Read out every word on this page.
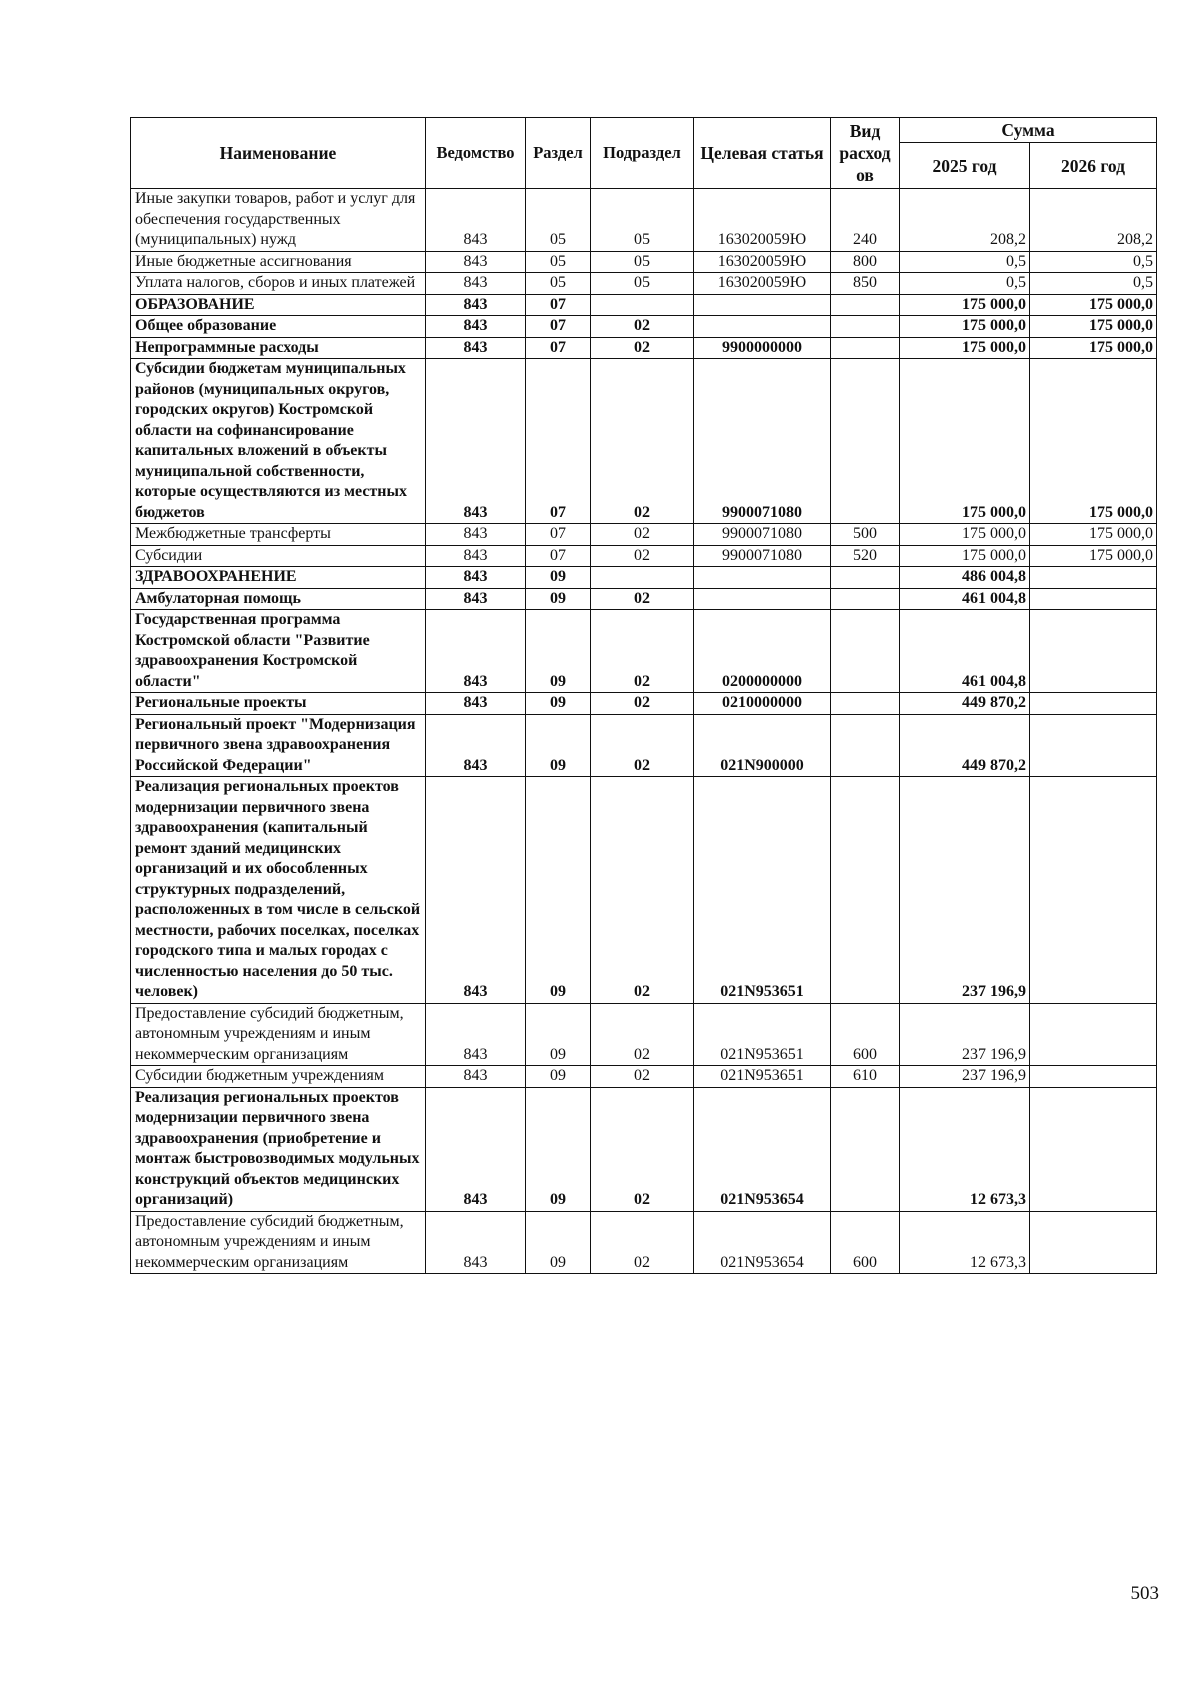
Наименование	Ведомство	Раздел	Подраздел	Целевая статья	Вид расход ов	Сумма	
						2025 год	2026 год
Иные закупки товаров, работ и услуг для обеспечения государственных (муниципальных) нужд	843	05	05	163020059Ю	240	208,2	208,2
Иные бюджетные ассигнования	843	05	05	163020059Ю	800	0,5	0,5
Уплата налогов, сборов и иных платежей	843	05	05	163020059Ю	850	0,5	0,5
ОБРАЗОВАНИЕ	843	07				175 000,0	175 000,0
Общее образование	843	07	02			175 000,0	175 000,0
Непрограммные расходы	843	07	02	9900000000		175 000,0	175 000,0
Субсидии бюджетам муниципальных районов (муниципальных округов, городских округов) Костромской области на софинансирование капитальных вложений в объекты муниципальной собственности, которые осуществляются из местных бюджетов	843	07	02	9900071080		175 000,0	175 000,0
Межбюджетные трансферты	843	07	02	9900071080	500	175 000,0	175 000,0
Субсидии	843	07	02	9900071080	520	175 000,0	175 000,0
ЗДРАВООХРАНЕНИЕ	843	09				486 004,8	
Амбулаторная помощь	843	09	02			461 004,8	
Государственная программа Костромской области "Развитие здравоохранения Костромской области"	843	09	02	0200000000		461 004,8	
Региональные проекты	843	09	02	0210000000		449 870,2	
Региональный проект "Модернизация первичного звена здравоохранения Российской Федерации"	843	09	02	021N900000		449 870,2	
Реализация региональных проектов модернизации первичного звена здравоохранения (капитальный ремонт зданий медицинских организаций и их обособленных структурных подразделений, расположенных в том числе в сельской местности, рабочих поселках, поселках городского типа и малых городах с численностью населения до 50 тыс. человек)	843	09	02	021N953651		237 196,9	
Предоставление субсидий бюджетным, автономным учреждениям и иным некоммерческим организациям	843	09	02	021N953651	600	237 196,9	
Субсидии бюджетным учреждениям	843	09	02	021N953651	610	237 196,9	
Реализация региональных проектов модернизации первичного звена здравоохранения (приобретение и монтаж быстровозводимых модульных конструкций объектов медицинских организаций)	843	09	02	021N953654		12 673,3	
Предоставление субсидий бюджетным, автономным учреждениям и иным некоммерческим организациям	843	09	02	021N953654	600	12 673,3	
503
